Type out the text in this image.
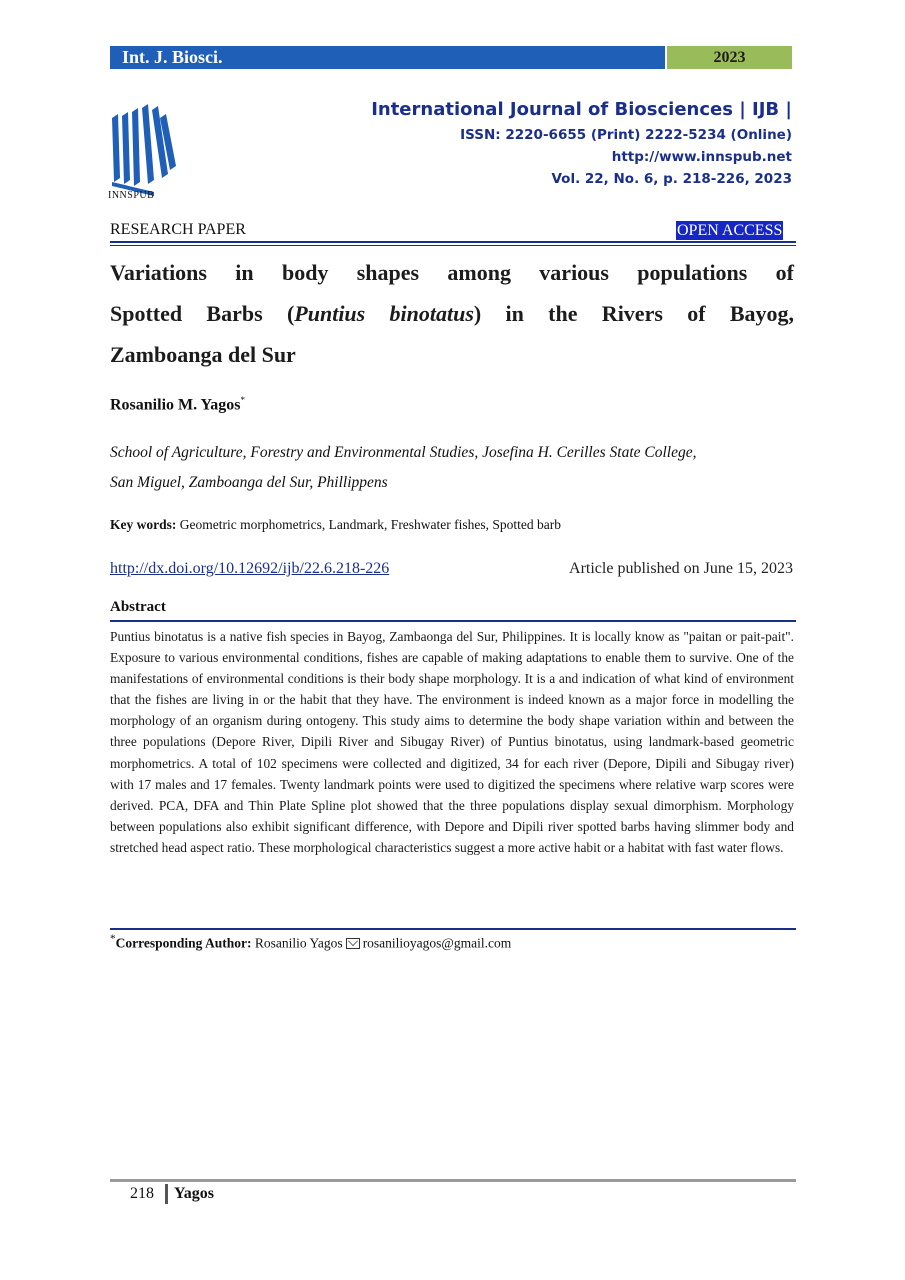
Int. J. Biosci.	2023
INNSPUB
International Journal of Biosciences | IJB |
ISSN: 2220-6655 (Print) 2222-5234 (Online)
http://www.innspub.net
Vol. 22, No. 6, p. 218-226, 2023
RESEARCH PAPER	OPEN ACCESS
Variations in body shapes among various populations of
Spotted Barbs (Puntius binotatus) in the Rivers of Bayog,
Zamboanga del Sur
Rosanilio M. Yagos*
School of Agriculture, Forestry and Environmental Studies, Josefina H. Cerilles State College,
San Miguel, Zamboanga del Sur, Phillippens
Key words: Geometric morphometrics, Landmark, Freshwater fishes, Spotted barb
http://dx.doi.org/10.12692/ijb/22.6.218-226	Article published on June 15, 2023
Abstract
Puntius binotatus is a native fish species in Bayog, Zambaonga del Sur, Philippines. It is locally know as "paitan or pait-pait". Exposure to various environmental conditions, fishes are capable of making adaptations to enable them to survive. One of the manifestations of environmental conditions is their body shape morphology. It is a and indication of what kind of environment that the fishes are living in or the habit that they have. The environment is indeed known as a major force in modelling the morphology of an organism during ontogeny. This study aims to determine the body shape variation within and between the three populations (Depore River, Dipili River and Sibugay River) of Puntius binotatus, using landmark-based geometric morphometrics. A total of 102 specimens were collected and digitized, 34 for each river (Depore, Dipili and Sibugay river) with 17 males and 17 females. Twenty landmark points were used to digitized the specimens where relative warp scores were derived. PCA, DFA and Thin Plate Spline plot showed that the three populations display sexual dimorphism. Morphology between populations also exhibit significant difference, with Depore and Dipili river spotted barbs having slimmer body and stretched head aspect ratio. These morphological characteristics suggest a more active habit or a habitat with fast water flows.
*Corresponding Author: Rosanilio Yagos rosanilioyagos@gmail.com
218 Yagos
